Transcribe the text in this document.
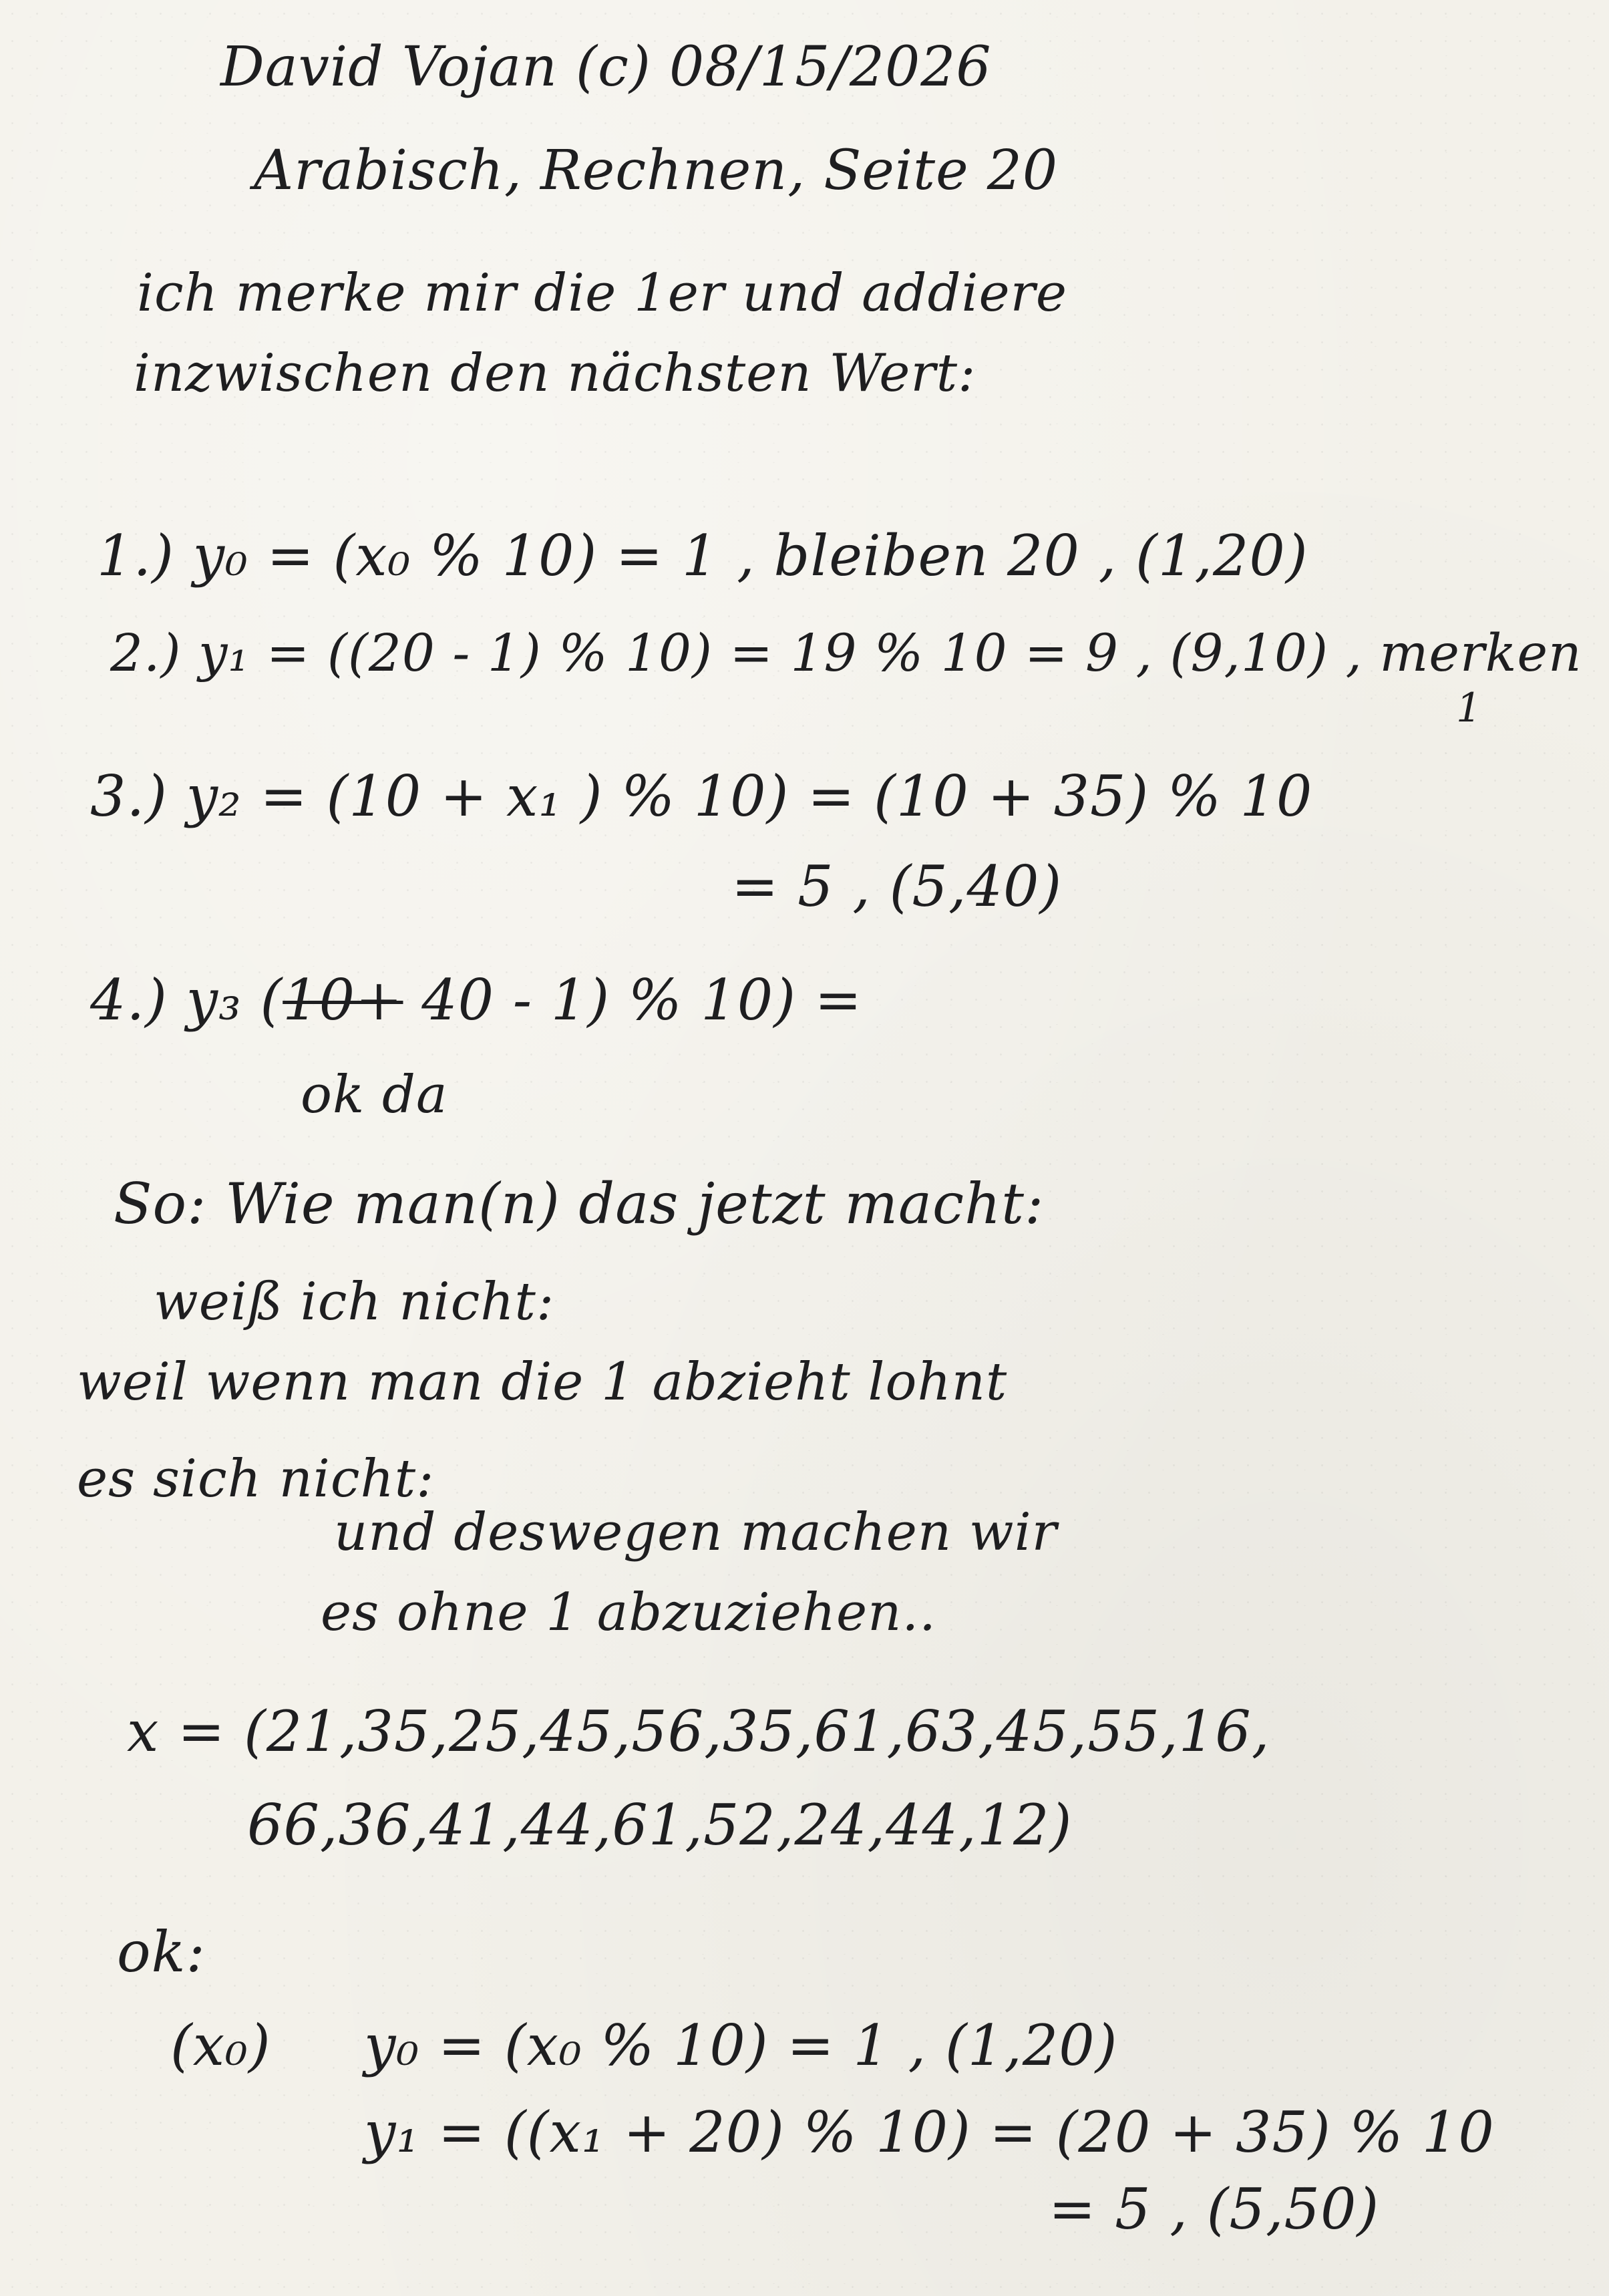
David Vojan (c) 08/15/2026
Arabisch, Rechnen, Seite 20
ich merke mir die 1er und addiere
inzwischen den nächsten Wert:
1.) y₀ = (x₀ % 10) = 1 , bleiben 20 , (1,20)
2.) y₁ = ((20 - 1) % 10) = 19 % 10 = 9 , (9,10) , merken
1
3.) y₂ = (10 + x₁ ) % 10) = (10 + 35) % 10
= 5 , (5,40)
4.) y₃ (10+ 40 - 1) % 10) =
ok da
So: Wie man(n) das jetzt macht:
weiß ich nicht:
weil wenn man die 1 abzieht lohnt
es sich nicht:
und deswegen machen wir
es ohne 1 abzuziehen..
x = (21,35,25,45,56,35,61,63,45,55,16,
66,36,41,44,61,52,24,44,12)
ok:
(x₀) y₀ = (x₀ % 10) = 1 , (1,20)
y₁ = ((x₁ + 20) % 10) = (20 + 35) % 10
= 5 , (5,50)
